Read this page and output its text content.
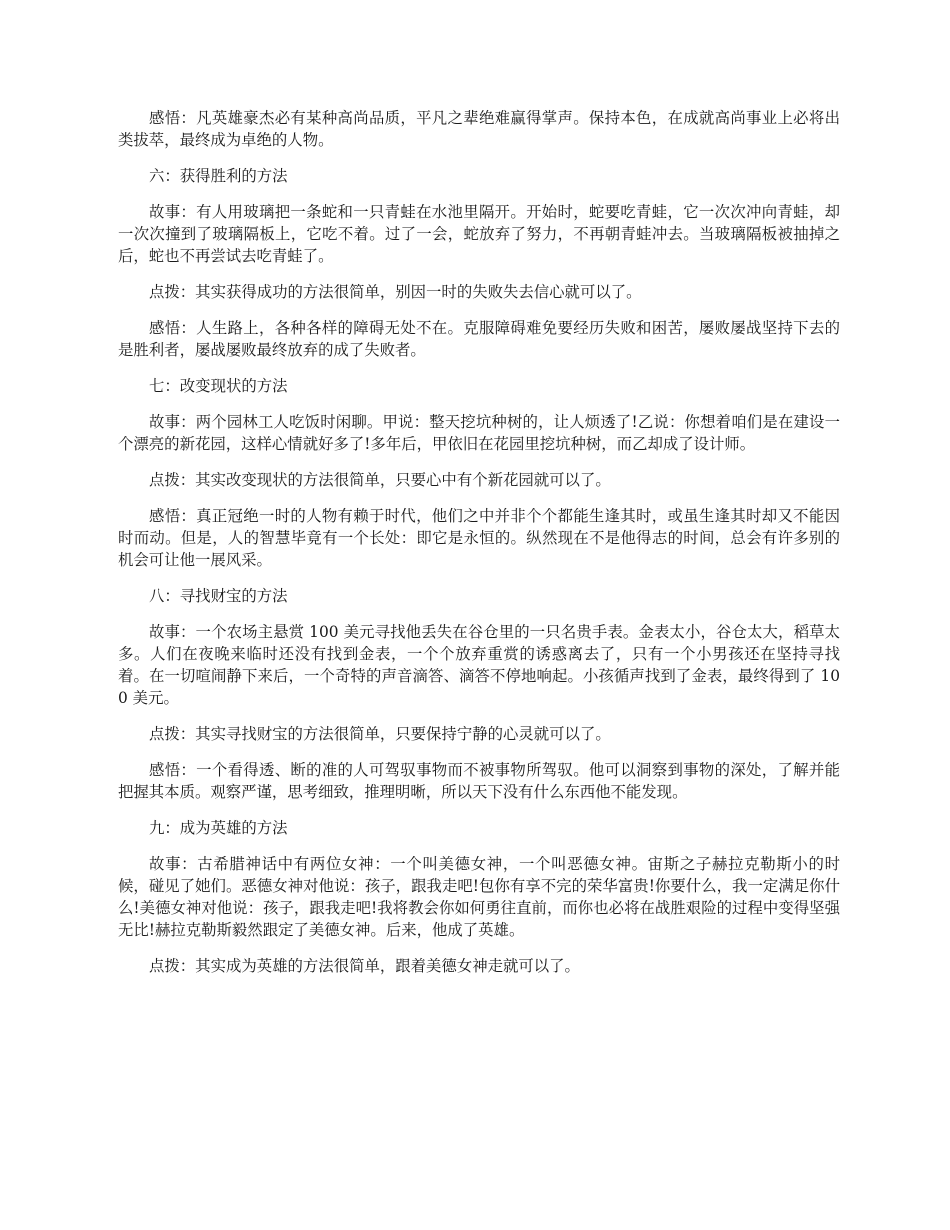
感悟：凡英雄豪杰必有某种高尚品质，平凡之辈绝难赢得掌声。保持本色，在成就高尚事业上必将出类拔萃，最终成为卓绝的人物。

六：获得胜利的方法

故事：有人用玻璃把一条蛇和一只青蛙在水池里隔开。开始时，蛇要吃青蛙，它一次次冲向青蛙，却一次次撞到了玻璃隔板上，它吃不着。过了一会，蛇放弃了努力，不再朝青蛙冲去。当玻璃隔板被抽掉之后，蛇也不再尝试去吃青蛙了。

点拨：其实获得成功的方法很简单，别因一时的失败失去信心就可以了。

感悟：人生路上，各种各样的障碍无处不在。克服障碍难免要经历失败和困苦，屡败屡战坚持下去的是胜利者，屡战屡败最终放弃的成了失败者。

七：改变现状的方法

故事：两个园林工人吃饭时闲聊。甲说：整天挖坑种树的，让人烦透了!乙说：你想着咱们是在建设一个漂亮的新花园，这样心情就好多了!多年后，甲依旧在花园里挖坑种树，而乙却成了设计师。

点拨：其实改变现状的方法很简单，只要心中有个新花园就可以了。

感悟：真正冠绝一时的人物有赖于时代，他们之中并非个个都能生逢其时，或虽生逢其时却又不能因时而动。但是，人的智慧毕竟有一个长处：即它是永恒的。纵然现在不是他得志的时间，总会有许多别的机会可让他一展风采。

八：寻找财宝的方法

故事：一个农场主悬赏 100 美元寻找他丢失在谷仓里的一只名贵手表。金表太小，谷仓太大，稻草太多。人们在夜晚来临时还没有找到金表，一个个放弃重赏的诱惑离去了，只有一个小男孩还在坚持寻找着。在一切喧闹静下来后，一个奇特的声音滴答、滴答不停地响起。小孩循声找到了金表，最终得到了 100 美元。

点拨：其实寻找财宝的方法很简单，只要保持宁静的心灵就可以了。

感悟：一个看得透、断的准的人可驾驭事物而不被事物所驾驭。他可以洞察到事物的深处，了解并能把握其本质。观察严谨，思考细致，推理明晰，所以天下没有什么东西他不能发现。

九：成为英雄的方法

故事：古希腊神话中有两位女神：一个叫美德女神，一个叫恶德女神。宙斯之子赫拉克勒斯小的时候，碰见了她们。恶德女神对他说：孩子，跟我走吧!包你有享不完的荣华富贵!你要什么，我一定满足你什么!美德女神对他说：孩子，跟我走吧!我将教会你如何勇往直前，而你也必将在战胜艰险的过程中变得坚强无比!赫拉克勒斯毅然跟定了美德女神。后来，他成了英雄。

点拨：其实成为英雄的方法很简单，跟着美德女神走就可以了。
